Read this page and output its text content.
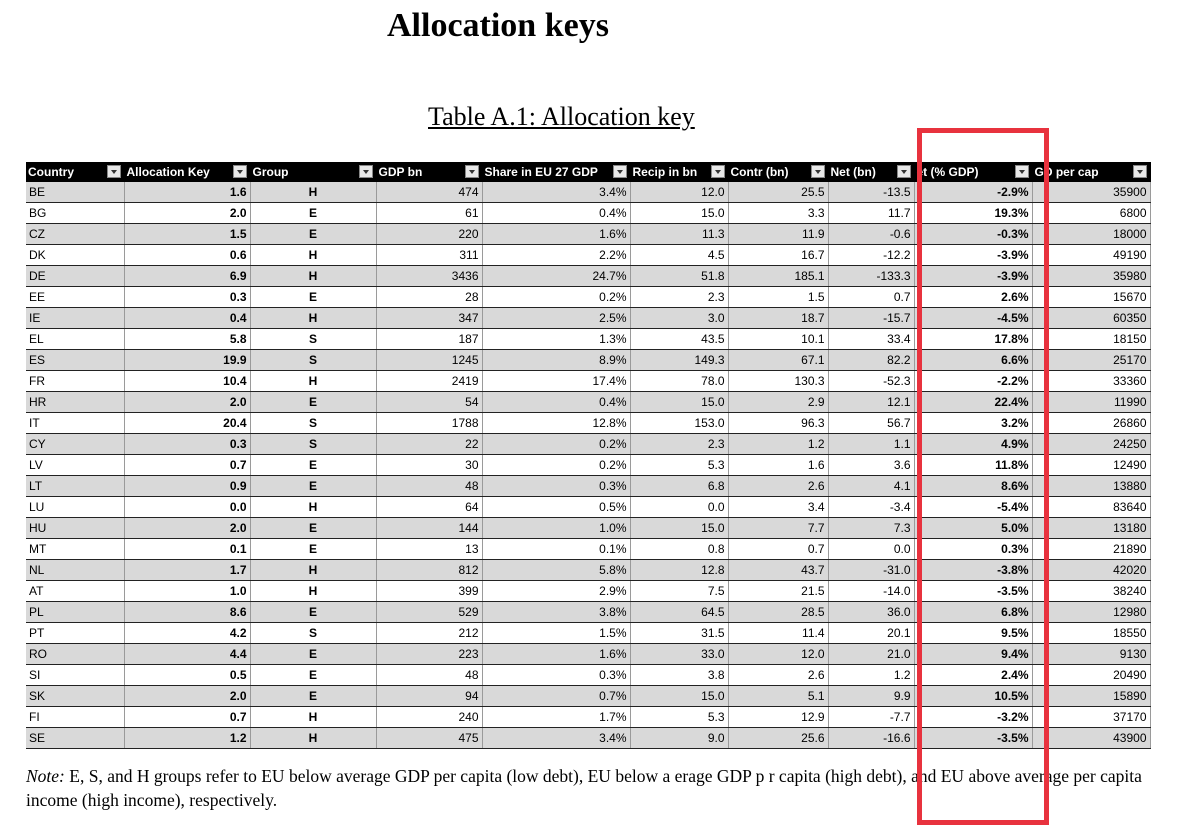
Allocation keys
Table A.1: Allocation key
Country	Allocation Key	Group	GDP bn	Share in EU 27 GDP	Recip in bn	Contr (bn)	Net (bn)	et (% GDP)	GD per cap

BE	1.6	H	474	3.4%	12.0	25.5	-13.5	-2.9%	35900
BG	2.0	E	61	0.4%	15.0	3.3	11.7	19.3%	6800
CZ	1.5	E	220	1.6%	11.3	11.9	-0.6	-0.3%	18000
DK	0.6	H	311	2.2%	4.5	16.7	-12.2	-3.9%	49190
DE	6.9	H	3436	24.7%	51.8	185.1	-133.3	-3.9%	35980
EE	0.3	E	28	0.2%	2.3	1.5	0.7	2.6%	15670
IE	0.4	H	347	2.5%	3.0	18.7	-15.7	-4.5%	60350
EL	5.8	S	187	1.3%	43.5	10.1	33.4	17.8%	18150
ES	19.9	S	1245	8.9%	149.3	67.1	82.2	6.6%	25170
FR	10.4	H	2419	17.4%	78.0	130.3	-52.3	-2.2%	33360
HR	2.0	E	54	0.4%	15.0	2.9	12.1	22.4%	11990
IT	20.4	S	1788	12.8%	153.0	96.3	56.7	3.2%	26860
CY	0.3	S	22	0.2%	2.3	1.2	1.1	4.9%	24250
LV	0.7	E	30	0.2%	5.3	1.6	3.6	11.8%	12490
LT	0.9	E	48	0.3%	6.8	2.6	4.1	8.6%	13880
LU	0.0	H	64	0.5%	0.0	3.4	-3.4	-5.4%	83640
HU	2.0	E	144	1.0%	15.0	7.7	7.3	5.0%	13180
MT	0.1	E	13	0.1%	0.8	0.7	0.0	0.3%	21890
NL	1.7	H	812	5.8%	12.8	43.7	-31.0	-3.8%	42020
AT	1.0	H	399	2.9%	7.5	21.5	-14.0	-3.5%	38240
PL	8.6	E	529	3.8%	64.5	28.5	36.0	6.8%	12980
PT	4.2	S	212	1.5%	31.5	11.4	20.1	9.5%	18550
RO	4.4	E	223	1.6%	33.0	12.0	21.0	9.4%	9130
SI	0.5	E	48	0.3%	3.8	2.6	1.2	2.4%	20490
SK	2.0	E	94	0.7%	15.0	5.1	9.9	10.5%	15890
FI	0.7	H	240	1.7%	5.3	12.9	-7.7	-3.2%	37170
SE	1.2	H	475	3.4%	9.0	25.6	-16.6	-3.5%	43900
Note: E, S, and H groups refer to EU below average GDP per capita (low debt), EU below a erage GDP p r capita (high debt), and EU above average per capita income (high income), respectively.
